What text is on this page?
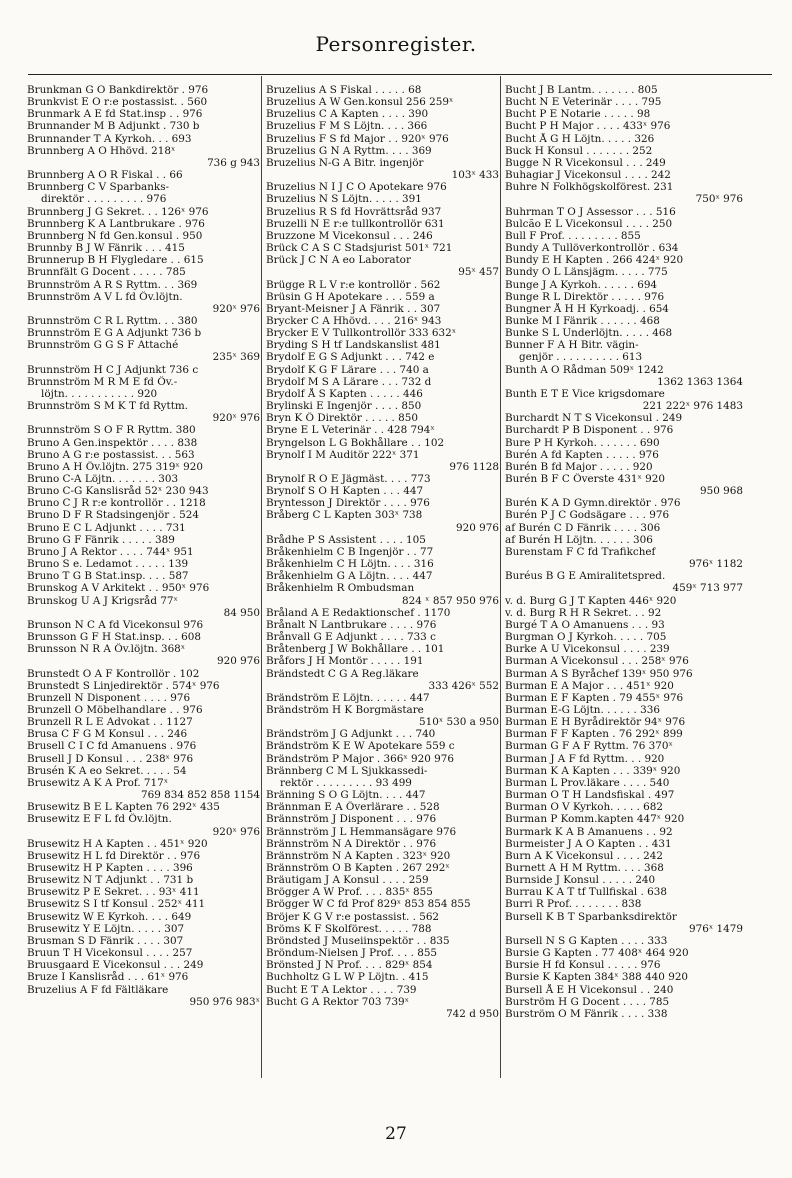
Personregister.
Brunkman G O Bankdirektör . 976
Brunkvist E O r:e postassist. . 560
Brunmark A E fd Stat.insp . . 976
Brunnander M B Adjunkt . 730 b
Brunnander T A Kyrkoh. . . 693
Brunnberg A O Hhövd. 218ˣ
736 g 943
Brunnberg A O R Fiskal . . 66
Brunnberg C V Sparbanks-
direktör . . . . . . . . . 976
Brunnberg J G Sekret. . . 126ˣ 976
Brunnberg K A Lantbrukare . 976
Brunnberg N fd Gen.konsul . 950
Brunnby B J W Fänrik . . . 415
Brunnerup B H Flygledare . . 615
Brunnfält G Docent . . . . . 785
Brunnström A R S Ryttm. . . 369
Brunnström A V L fd Öv.löjtn.
920ˣ 976
Brunnström C R L Ryttm. . . 380
Brunnström E G A Adjunkt 736 b
Brunnström G G S F Attaché
235ˣ 369
Brunnström H C J Adjunkt 736 c
Brunnström M R M E fd Öv.-
löjtn. . . . . . . . . . . 920
Brunnström S M K T fd Ryttm.
920ˣ 976
Brunnström S O F R Ryttm. 380
Bruno A Gen.inspektör . . . . 838
Bruno A G r:e postassist. . . 563
Bruno A H Öv.löjtn. 275 319ˣ 920
Bruno C-A Löjtn. . . . . . . 303
Bruno C-G Kanslisråd 52ˣ 230 943
Bruno C J R r:e kontrollör . . 1218
Bruno D F R Stadsingenjör . 524
Bruno E C L Adjunkt . . . . 731
Bruno G F Fänrik . . . . . 389
Bruno J A Rektor . . . . 744ˣ 951
Bruno S e. Ledamot . . . . . 139
Bruno T G B Stat.insp. . . . 587
Brunskog A V Arkitekt . . 950ˣ 976
Brunskog U A J Krigsråd 77ˣ
84 950
Brunson N C A fd Vicekonsul 976
Brunsson G F H Stat.insp. . . 608
Brunsson N R A Öv.löjtn. 368ˣ
920 976
Brunstedt O A F Kontrollör . 102
Brunstedt S Linjedirektör . 574ˣ 976
Brunzell N Disponent . . . . 976
Brunzell O Möbelhandlare . . 976
Brunzell R L E Advokat . . 1127
Brusa C F G M Konsul . . . 246
Brusell C I C fd Amanuens . 976
Brusell J D Konsul . . . 238ˣ 976
Brusén K A eo Sekret. . . . . 54
Brusewitz A K A Prof. 717ˣ
769 834 852 858 1154
Brusewitz B E L Kapten 76 292ˣ 435
Brusewitz E F L fd Öv.löjtn.
920ˣ 976
Brusewitz H A Kapten . . 451ˣ 920
Brusewitz H L fd Direktör . . 976
Brusewitz H P Kapten . . . . 396
Brusewitz N T Adjunkt . . 731 b
Brusewitz P E Sekret. . . 93ˣ 411
Brusewitz S I tf Konsul . 252ˣ 411
Brusewitz W E Kyrkoh. . . . 649
Brusewitz Y E Löjtn. . . . . 307
Brusman S D Fänrik . . . . 307
Bruun T H Vicekonsul . . . . 257
Bruusgaard E Vicekonsul . . . 249
Bruze I Kanslisråd . . . 61ˣ 976
Bruzelius A F fd Fältläkare
950 976 983ˣ
Bruzelius A S Fiskal . . . . . 68
Bruzelius A W Gen.konsul 256 259ˣ
Bruzelius C A Kapten . . . . 390
Bruzelius F M S Löjtn. . . . 366
Bruzelius F S fd Major . . 920ˣ 976
Bruzelius G N A Ryttm. . . . 369
Bruzelius N-G A Bitr. ingenjör
103ˣ 433
Bruzelius N I J C O Apotekare 976
Bruzelius N S Löjtn. . . . . 391
Bruzelius R S fd Hovrättsråd 937
Bruzelli N E r:e tullkontrollör 631
Bruzzone M Vicekonsul . . . 246
Brück C A S C Stadsjurist 501ˣ 721
Brück J C N A eo Laborator
95ˣ 457
Brügge R L V r:e kontrollör . 562
Brüsin G H Apotekare . . . 559 a
Bryant-Meisner J A Fänrik . . 307
Brycker C A Hhövd. . . . 216ˣ 943
Brycker E V Tullkontrollör 333 632ˣ
Bryding S H tf Landskanslist 481
Brydolf E G S Adjunkt . . . 742 e
Brydolf K G F Lärare . . . 740 a
Brydolf M S A Lärare . . . 732 d
Brydolf Å S Kapten . . . . . 446
Brylinski E Ingenjör . . . . 850
Bryn K Ö Direktör . . . . . 850
Bryne E L Veterinär . . 428 794ˣ
Bryngelson L G Bokhållare . . 102
Brynolf I M Auditör 222ˣ 371
976 1128
Brynolf R O E Jägmäst. . . . 773
Brynolf S O H Kapten . . . 447
Bryntesson J Direktör . . . . 976
Bråberg C L Kapten 303ˣ 738
920 976
Brådhe P S Assistent . . . . 105
Bråkenhielm C B Ingenjör . . 77
Bråkenhielm C H Löjtn. . . . 316
Bråkenhielm G A Löjtn. . . . 447
Bråkenhielm R Ombudsman
824 ˣ 857 950 976
Bråland A E Redaktionschef . 1170
Brånalt N Lantbrukare . . . . 976
Brånvall G E Adjunkt . . . . 733 c
Bråtenberg J W Bokhållare . . 101
Bråfors J H Montör . . . . . 191
Brändstedt C G A Reg.läkare
333 426ˣ 552
Brändström E Löjtn. . . . . . 447
Brändström H K Borgmästare
510ˣ 530 a 950
Brändström J G Adjunkt . . . 740
Brändström K E W Apotekare 559 c
Brändström P Major . 366ˣ 920 976
Brännberg C M L Sjukkassedi-
rektör . . . . . . . . . 93 499
Bränning S O G Löjtn. . . . 447
Brännman E A Överlärare . . 528
Brännström J Disponent . . . 976
Brännström J L Hemmansägare 976
Brännström N A Direktör . . 976
Brännström N A Kapten . 323ˣ 920
Brännström O B Kapten . 267 292ˣ
Bräutigam J A Konsul . . . . 259
Brögger A W Prof. . . . 835ˣ 855
Brögger W C fd Prof 829ˣ 853 854 855
Bröjer K G V r:e postassist. . 562
Bröms K F Skolförest. . . . . 788
Bröndsted J Museiinspektör . . 835
Bröndum-Nielsen J Prof. . . . 855
Brönsted J N Prof. . . . 829ˣ 854
Buchholtz G L W P Löjtn. . 415
Bucht E T A Lektor . . . . 739
Bucht G A Rektor 703 739ˣ
742 d 950
Bucht J B Lantm. . . . . . . 805
Bucht N E Veterinär . . . . 795
Bucht P E Notarie . . . . . 98
Bucht P H Major . . . . 433ˣ 976
Bucht Å G H Löjtn. . . . . 326
Buck H Konsul . . . . . . . 252
Bugge N R Vicekonsul . . . 249
Buhagiar J Vicekonsul . . . . 242
Buhre N Folkhögskolförest. 231
750ˣ 976
Buhrman T O J Assessor . . . 516
Bulcão E L Vicekonsul . . . . 250
Bull F Prof. . . . . . . . . 855
Bundy A Tullöverkontrollör . 634
Bundy E H Kapten . 266 424ˣ 920
Bundy O L Länsjägm. . . . . 775
Bunge J A Kyrkoh. . . . . . 694
Bunge R L Direktör . . . . . 976
Bungner Å H H Kyrkoadj. . 654
Bunke M I Fänrik . . . . . . 468
Bunke S L Underlöjtn. . . . . 468
Bunner F A H Bitr. vägin-
genjör . . . . . . . . . . 613
Bunth A O Rådman 509ˣ 1242
1362 1363 1364
Bunth E T E Vice krigsdomare
221 222ˣ 976 1483
Burchardt N T S Vicekonsul . 249
Burchardt P B Disponent . . 976
Bure P H Kyrkoh. . . . . . . 690
Burén A fd Kapten . . . . . 976
Burén B fd Major . . . . . 920
Burén B F C Överste 431ˣ 920
950 968
Burén K A D Gymn.direktör . 976
Burén P J C Godsägare . . . 976
af Burén C D Fänrik . . . . 306
af Burén H Löjtn. . . . . . 306
Burenstam F C fd Trafikchef
976ˣ 1182
Buréus B G E Amiralitetspred.
459ˣ 713 977
v. d. Burg G J T Kapten 446ˣ 920
v. d. Burg R H R Sekret. . . 92
Burgé T A O Amanuens . . . 93
Burgman O J Kyrkoh. . . . . 705
Burke A U Vicekonsul . . . . 239
Burman A Vicekonsul . . . 258ˣ 976
Burman A S Byråchef 139ˣ 950 976
Burman E A Major . . . 451ˣ 920
Burman E F Kapten . 79 455ˣ 976
Burman E-G Löjtn. . . . . . 336
Burman E H Byrådirektör 94ˣ 976
Burman F F Kapten . 76 292ˣ 899
Burman G F A F Ryttm. 76 370ˣ
Burman J A F fd Ryttm. . . 920
Burman K A Kapten . . . 339ˣ 920
Burman L Prov.läkare . . . . 540
Burman O T H Landsfiskal . 497
Burman O V Kyrkoh. . . . . 682
Burman P Komm.kapten 447ˣ 920
Burmark K A B Amanuens . . 92
Burmeister J A O Kapten . . 431
Burn A K Vicekonsul . . . . 242
Burnett A H M Ryttm. . . . 368
Burnside J Konsul . . . . . 240
Burrau K A T tf Tullfiskal . 638
Burri R Prof. . . . . . . . 838
Bursell K B T Sparbanksdirektör
976ˣ 1479
Bursell N S G Kapten . . . . 333
Bursie G Kapten . 77 408ˣ 464 920
Bursie H fd Konsul . . . . . 976
Bursie K Kapten 384ˣ 388 440 920
Bursell Å E H Vicekonsul . . 240
Burström H G Docent . . . . 785
Burström O M Fänrik . . . . 338
27
